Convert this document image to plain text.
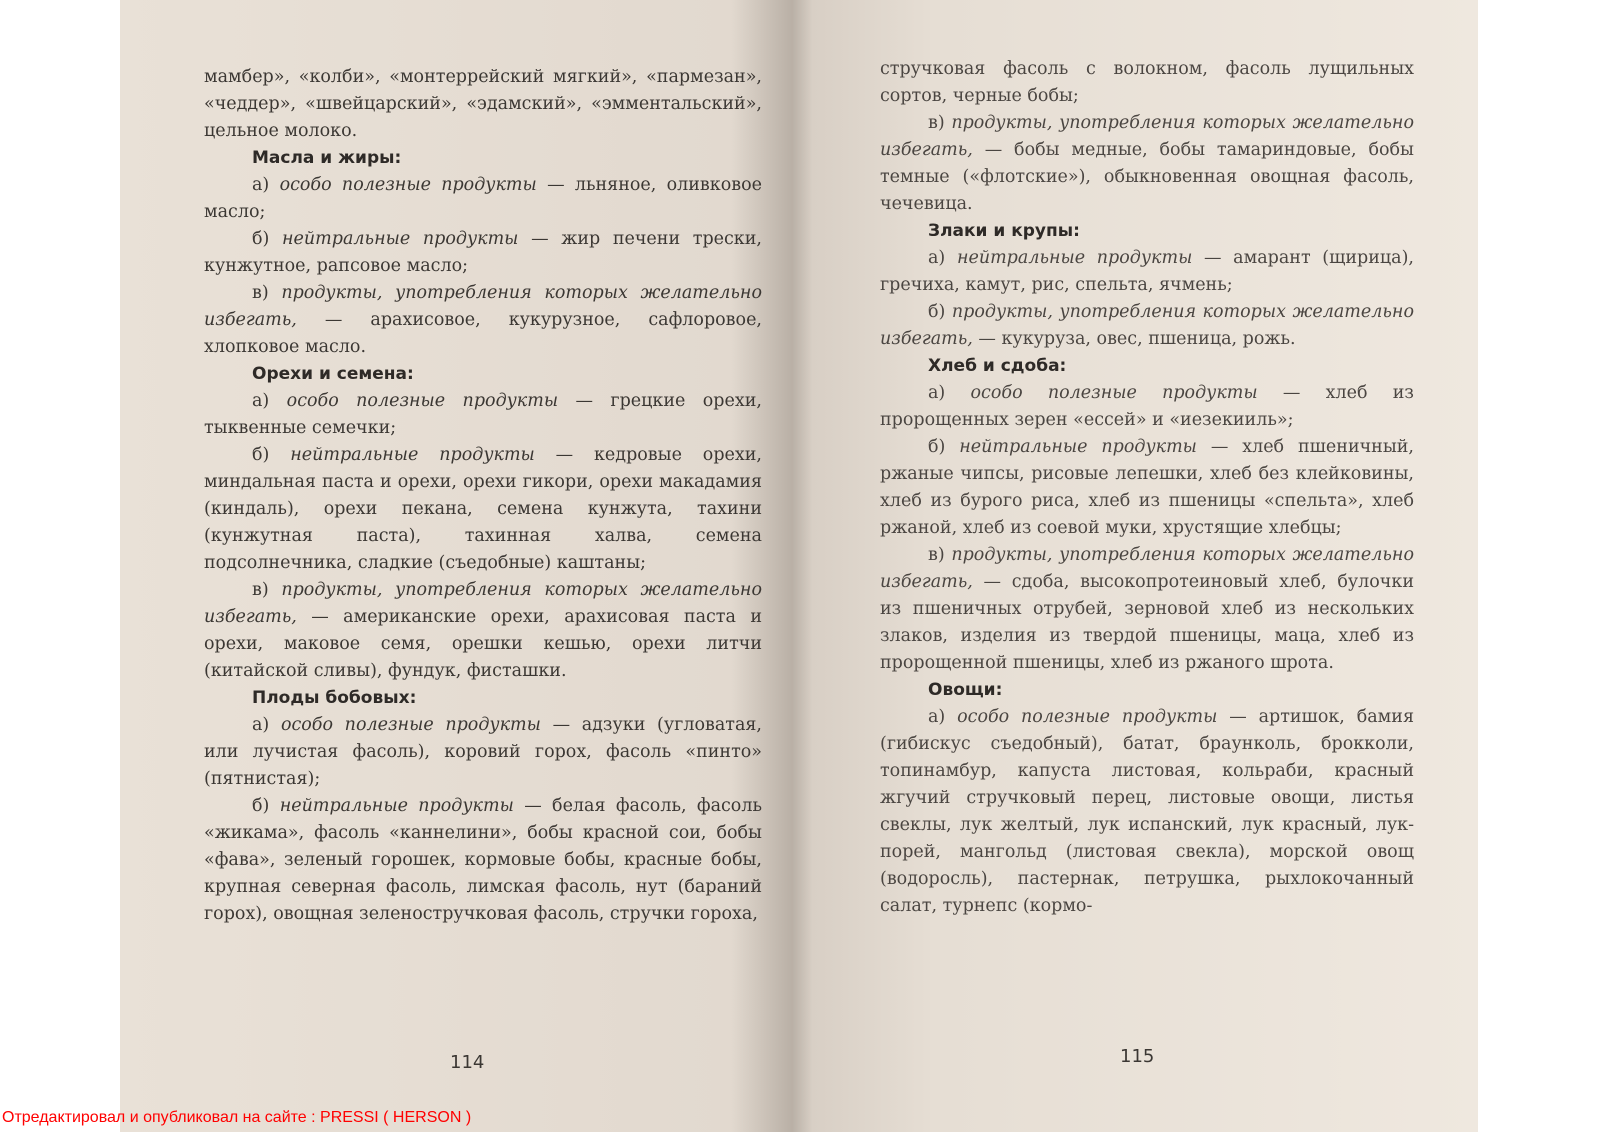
мамбер», «колби», «монтеррейский мягкий», «пармезан», «чеддер», «швейцарский», «эдамский», «эмментальский», цельное молоко.

Масла и жиры:

а) особо полезные продукты — льняное, оливковое масло;

б) нейтральные продукты — жир печени трески, кунжутное, рапсовое масло;

в) продукты, употребления которых желательно избегать, — арахисовое, кукурузное, сафлоровое, хлопковое масло.

Орехи и семена:

а) особо полезные продукты — грецкие орехи, тыквенные семечки;

б) нейтральные продукты — кедровые орехи, миндальная паста и орехи, орехи гикори, орехи макадамия (киндаль), орехи пекана, семена кунжута, тахини (кунжутная паста), тахинная халва, семена подсолнечника, сладкие (съедобные) каштаны;

в) продукты, употребления которых желательно избегать, — американские орехи, арахисовая паста и орехи, маковое семя, орешки кешью, орехи литчи (китайской сливы), фундук, фисташки.

Плоды бобовых:

а) особо полезные продукты — адзуки (угловатая, или лучистая фасоль), коровий горох, фасоль «пинто» (пятнистая);

б) нейтральные продукты — белая фасоль, фасоль «жикама», фасоль «каннелини», бобы красной сои, бобы «фава», зеленый горошек, кормовые бобы, красные бобы, крупная северная фасоль, лимская фасоль, нут (бараний горох), овощная зеленостручковая фасоль, стручки гороха,

114

стручковая фасоль с волокном, фасоль лущильных сортов, черные бобы;

в) продукты, употребления которых желательно избегать, — бобы медные, бобы тамариндовые, бобы темные («флотские»), обыкновенная овощная фасоль, чечевица.

Злаки и крупы:

а) нейтральные продукты — амарант (щирица), гречиха, камут, рис, спельта, ячмень;

б) продукты, употребления которых желательно избегать, — кукуруза, овес, пшеница, рожь.

Хлеб и сдоба:

а) особо полезные продукты — хлеб из пророщенных зерен «ессей» и «иезекииль»;

б) нейтральные продукты — хлеб пшеничный, ржаные чипсы, рисовые лепешки, хлеб без клейковины, хлеб из бурого риса, хлеб из пшеницы «спельта», хлеб ржаной, хлеб из соевой муки, хрустящие хлебцы;

в) продукты, употребления которых желательно избегать, — сдоба, высокопротеиновый хлеб, булочки из пшеничных отрубей, зерновой хлеб из нескольких злаков, изделия из твердой пшеницы, маца, хлеб из пророщенной пшеницы, хлеб из ржаного шрота.

Овощи:

а) особо полезные продукты — артишок, бамия (гибискус съедобный), батат, браунколь, брокколи, топинамбур, капуста листовая, кольраби, красный жгучий стручковый перец, листовые овощи, листья свеклы, лук желтый, лук испанский, лук красный, лук-порей, мангольд (листовая свекла), морской овощ (водоросль), пастернак, петрушка, рыхлокочанный салат, турнепс (кормо-

115
Отредактировал и опубликовал на сайте : PRESSI ( HERSON )
